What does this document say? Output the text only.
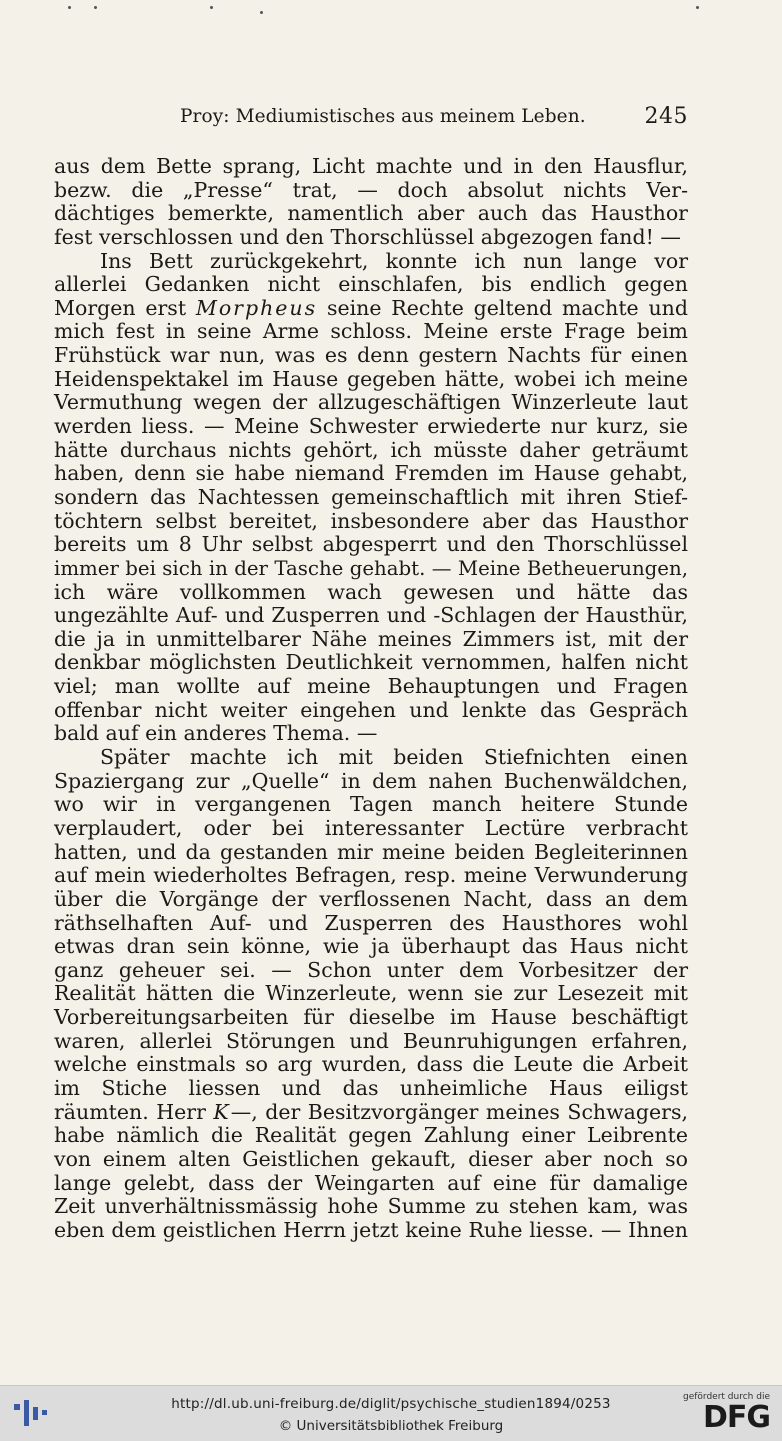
Proy: Mediumistisches aus meinem Leben.	245
aus dem Bette sprang, Licht machte und in den Hausflur,
bezw. die „Presse“ trat, — doch absolut nichts Ver-
dächtiges bemerkte, namentlich aber auch das Hausthor
fest verschlossen und den Thorschlüssel abgezogen fand! —
Ins Bett zurückgekehrt, konnte ich nun lange vor
allerlei Gedanken nicht einschlafen, bis endlich gegen
Morgen erst Morpheus seine Rechte geltend machte und
mich fest in seine Arme schloss. Meine erste Frage beim
Frühstück war nun, was es denn gestern Nachts für einen
Heidenspektakel im Hause gegeben hätte, wobei ich meine
Vermuthung wegen der allzugeschäftigen Winzerleute laut
werden liess. — Meine Schwester erwiederte nur kurz, sie
hätte durchaus nichts gehört, ich müsste daher geträumt
haben, denn sie habe niemand Fremden im Hause gehabt,
sondern das Nachtessen gemeinschaftlich mit ihren Stief-
töchtern selbst bereitet, insbesondere aber das Hausthor
bereits um 8 Uhr selbst abgesperrt und den Thorschlüssel
immer bei sich in der Tasche gehabt. — Meine Betheuerungen,
ich wäre vollkommen wach gewesen und hätte das
ungezählte Auf- und Zusperren und -Schlagen der Hausthür,
die ja in unmittelbarer Nähe meines Zimmers ist, mit der
denkbar möglichsten Deutlichkeit vernommen, halfen nicht
viel; man wollte auf meine Behauptungen und Fragen
offenbar nicht weiter eingehen und lenkte das Gespräch
bald auf ein anderes Thema. —
Später machte ich mit beiden Stiefnichten einen
Spaziergang zur „Quelle“ in dem nahen Buchenwäldchen,
wo wir in vergangenen Tagen manch heitere Stunde
verplaudert, oder bei interessanter Lectüre verbracht
hatten, und da gestanden mir meine beiden Begleiterinnen
auf mein wiederholtes Befragen, resp. meine Verwunderung
über die Vorgänge der verflossenen Nacht, dass an dem
räthselhaften Auf- und Zusperren des Hausthores wohl
etwas dran sein könne, wie ja überhaupt das Haus nicht
ganz geheuer sei. — Schon unter dem Vorbesitzer der
Realität hätten die Winzerleute, wenn sie zur Lesezeit mit
Vorbereitungsarbeiten für dieselbe im Hause beschäftigt
waren, allerlei Störungen und Beunruhigungen erfahren,
welche einstmals so arg wurden, dass die Leute die Arbeit
im Stiche liessen und das unheimliche Haus eiligst
räumten. Herr K—, der Besitzvorgänger meines Schwagers,
habe nämlich die Realität gegen Zahlung einer Leibrente
von einem alten Geistlichen gekauft, dieser aber noch so
lange gelebt, dass der Weingarten auf eine für damalige
Zeit unverhältnissmässig hohe Summe zu stehen kam, was
eben dem geistlichen Herrn jetzt keine Ruhe liesse. — Ihnen
http://dl.ub.uni-freiburg.de/diglit/psychische_studien1894/0253
© Universitätsbibliothek Freiburg
gefördert durch die
DFG
